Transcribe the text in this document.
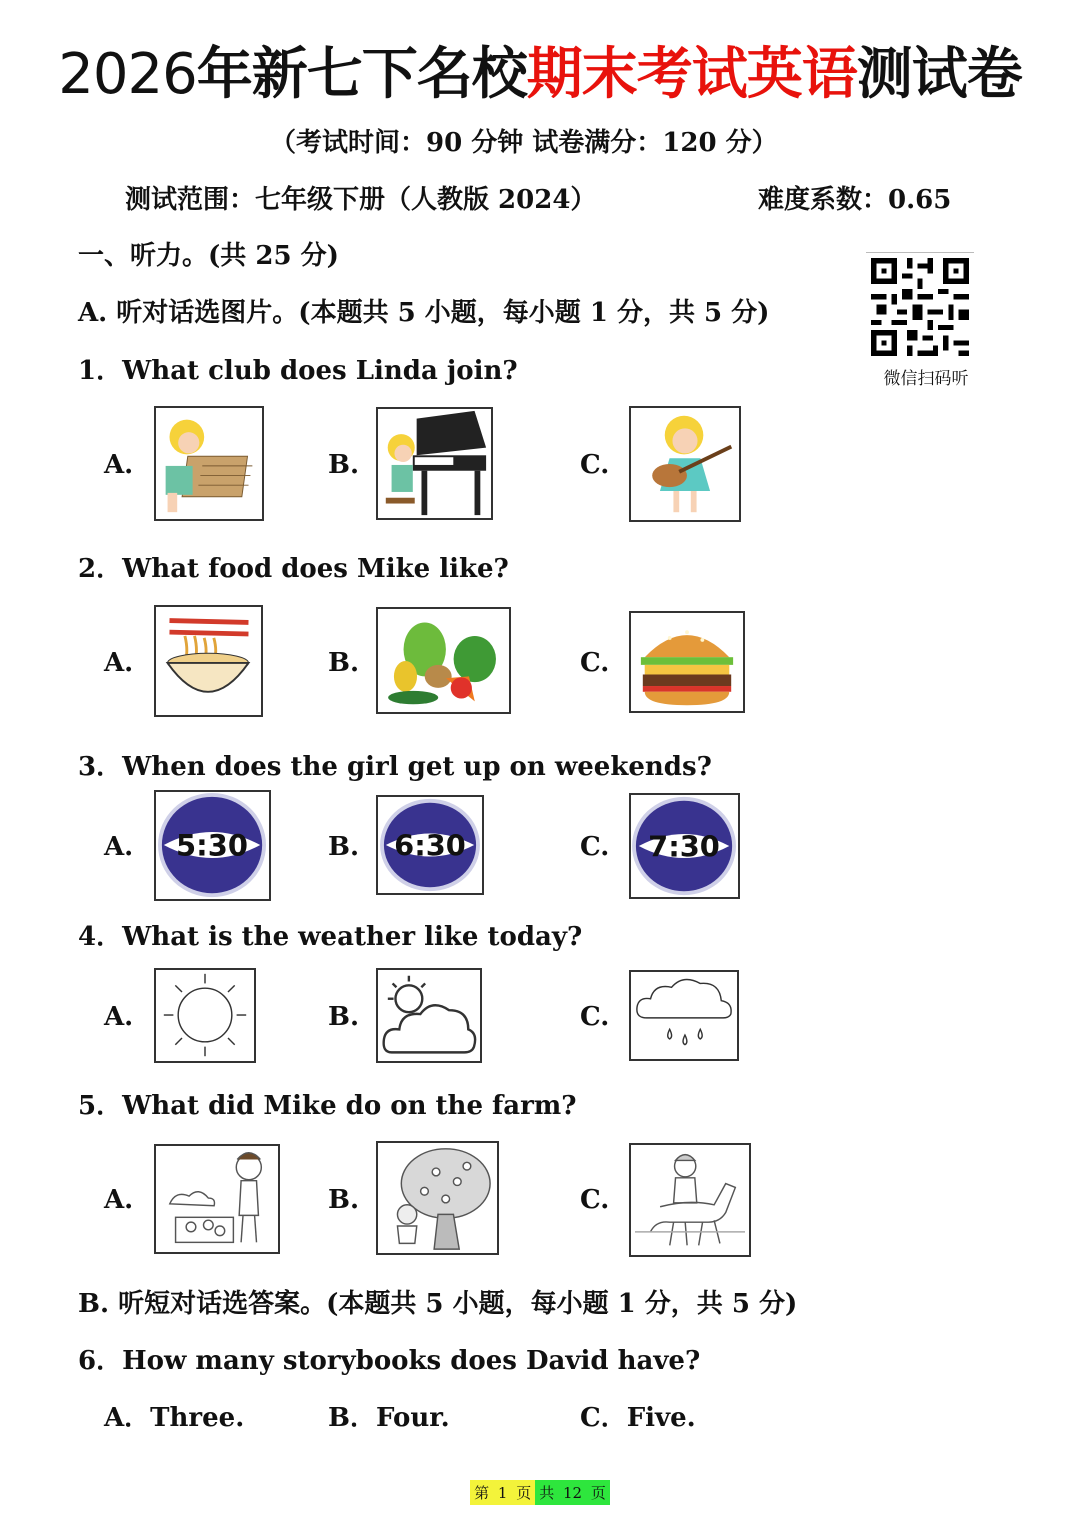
2026年新七下名校期末考试英语测试卷
（考试时间：90 分钟 试卷满分：120 分）
测试范围：七年级下册（人教版 2024）	难度系数：0.65
一、听力。(共 25 分)
A. 听对话选图片。(本题共 5 小题，每小题 1 分，共 5 分)
微信扫码听
1．What club does Linda join?
A.	B.	C.
2．What food does Mike like?
A.	B.	C.
3．When does the girl get up on weekends?
A.	B.	C.
5:30	6:30	7:30
4．What is the weather like today?
A.	B.	C.
5．What did Mike do on the farm?
A.	B.	C.
B. 听短对话选答案。(本题共 5 小题，每小题 1 分，共 5 分)
6．How many storybooks does David have?
A．Three.	B．Four.	C．Five.
第 1 页 共 12 页
